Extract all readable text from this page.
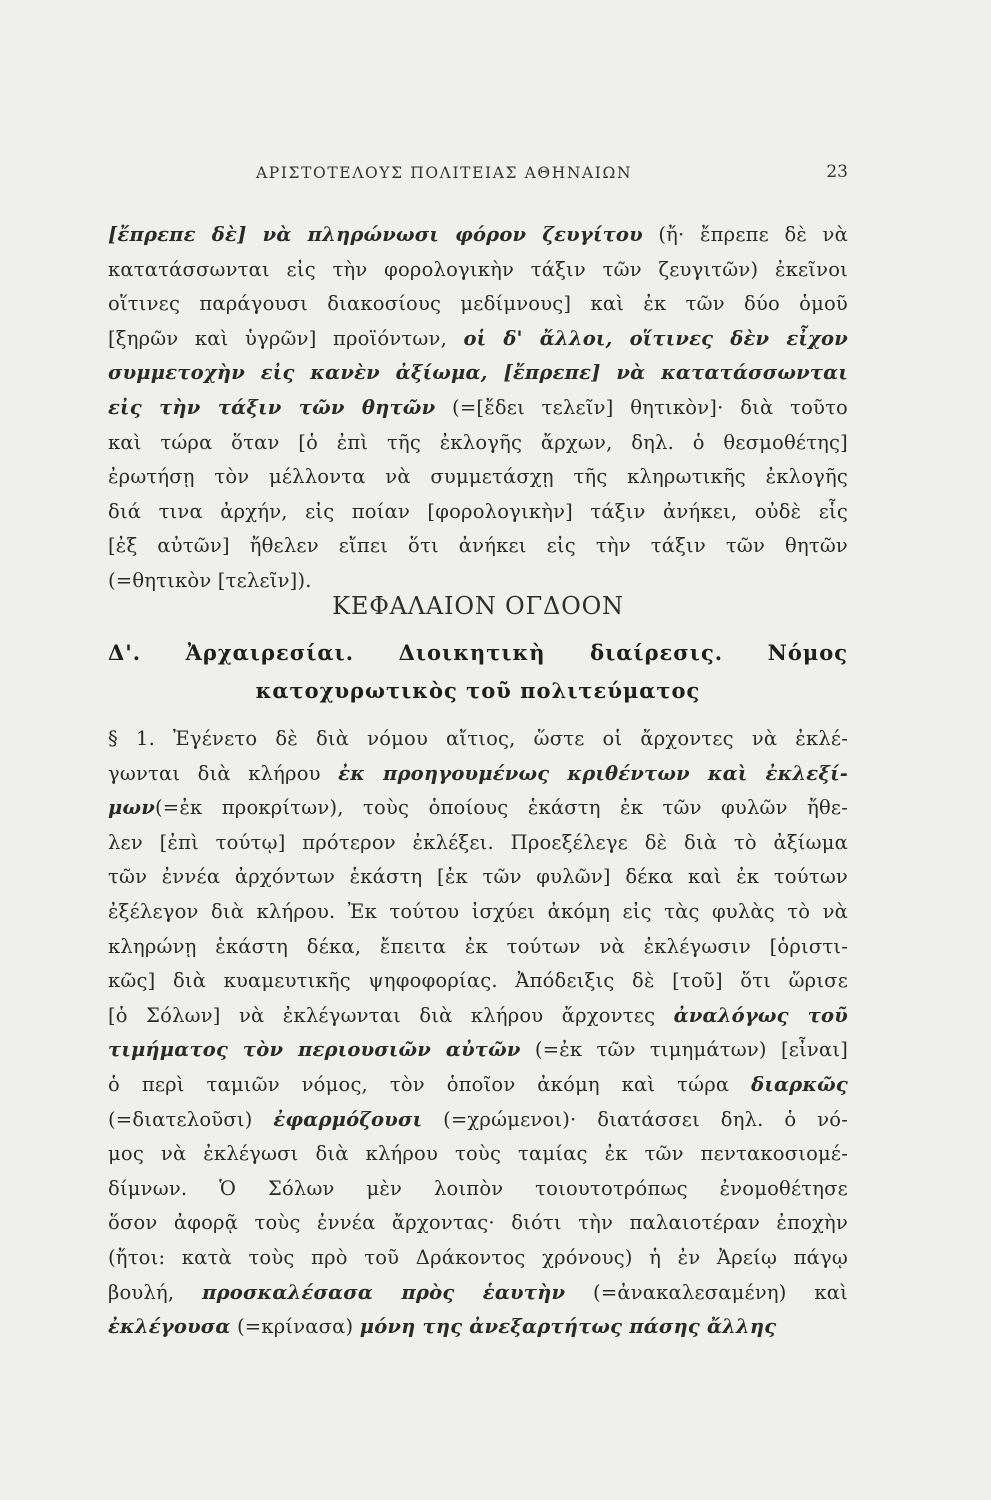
ΑΡΙΣΤΟΤΕΛΟΥΣ ΠΟΛΙΤΕΙΑΣ ΑΘΗΝΑΙΩΝ	23
[ἔπρεπε δὲ] νὰ πληρώνωσι φόρον ζευγίτου (ἤ· ἔπρεπε δὲ νὰ
κατατάσσωνται εἰς τὴν φορολογικὴν τάξιν τῶν ζευγιτῶν) ἐκεῖνοι
οἵτινες παράγουσι διακοσίους μεδίμνους] καὶ ἐκ τῶν δύο ὁμοῦ
[ξηρῶν καὶ ὑγρῶν] προϊόντων, οἱ δ' ἄλλοι, οἵτινες δὲν εἶχον
συμμετοχὴν εἰς κανὲν ἀξίωμα, [ἔπρεπε] νὰ κατατάσσωνται
εἰς τὴν τάξιν τῶν θητῶν (=[ἔδει τελεῖν] θητικὸν]· διὰ τοῦτο
καὶ τώρα ὅταν [ὁ ἐπὶ τῆς ἐκλογῆς ἄρχων, δηλ. ὁ θεσμοθέτης]
ἐρωτήσῃ τὸν μέλλοντα νὰ συμμετάσχῃ τῆς κληρωτικῆς ἐκλογῆς
διά τινα ἀρχήν, εἰς ποίαν [φορολογικὴν] τάξιν ἀνήκει, οὐδὲ εἷς
[ἐξ αὐτῶν] ἤθελεν εἴπει ὅτι ἀνήκει εἰς τὴν τάξιν τῶν θητῶν
(=θητικὸν [τελεῖν]).
ΚΕΦΑΛΑΙΟΝ ΟΓΔΟΟΝ
Δ'. Ἀρχαιρεσίαι. Διοικητικὴ διαίρεσις. Νόμος
κατοχυρωτικὸς τοῦ πολιτεύματος
§ 1. Ἐγένετο δὲ διὰ νόμου αἴτιος, ὥστε οἱ ἄρχοντες νὰ ἐκλέ-
γωνται διὰ κλήρου ἐκ προηγουμένως κριθέντων καὶ ἐκλεξί-
μων(=ἐκ προκρίτων), τοὺς ὁποίους ἑκάστη ἐκ τῶν φυλῶν ἤθε-
λεν [ἐπὶ τούτῳ] πρότερον ἐκλέξει. Προεξέλεγε δὲ διὰ τὸ ἀξίωμα
τῶν ἐννέα ἀρχόντων ἑκάστη [ἐκ τῶν φυλῶν] δέκα καὶ ἐκ τούτων
ἐξέλεγον διὰ κλήρου. Ἐκ τούτου ἰσχύει ἀκόμη εἰς τὰς φυλὰς τὸ νὰ
κληρώνῃ ἑκάστη δέκα, ἔπειτα ἐκ τούτων νὰ ἐκλέγωσιν [ὁριστι-
κῶς] διὰ κυαμευτικῆς ψηφοφορίας. Ἀπόδειξις δὲ [τοῦ] ὅτι ὥρισε
[ὁ Σόλων] νὰ ἐκλέγωνται διὰ κλήρου ἄρχοντες ἀναλόγως τοῦ
τιμήματος τὸν περιουσιῶν αὐτῶν (=ἐκ τῶν τιμημάτων) [εἶναι]
ὁ περὶ ταμιῶν νόμος, τὸν ὁποῖον ἀκόμη καὶ τώρα διαρκῶς
(=διατελοῦσι) ἐφαρμόζουσι (=χρώμενοι)· διατάσσει δηλ. ὁ νό-
μος νὰ ἐκλέγωσι διὰ κλήρου τοὺς ταμίας ἐκ τῶν πεντακοσιομέ-
δίμνων. Ὁ Σόλων μὲν λοιπὸν τοιουτοτρόπως ἐνομοθέτησε
ὅσον ἀφορᾷ τοὺς ἐννέα ἄρχοντας· διότι τὴν παλαιοτέραν ἐποχὴν
(ἤτοι: κατὰ τοὺς πρὸ τοῦ Δράκοντος χρόνους) ἡ ἐν Ἀρείῳ πάγῳ
βουλή, προσκαλέσασα πρὸς ἑαυτὴν (=ἀνακαλεσαμένη) καὶ
ἐκλέγουσα (=κρίνασα) μόνη της ἀνεξαρτήτως πάσης ἄλλης
